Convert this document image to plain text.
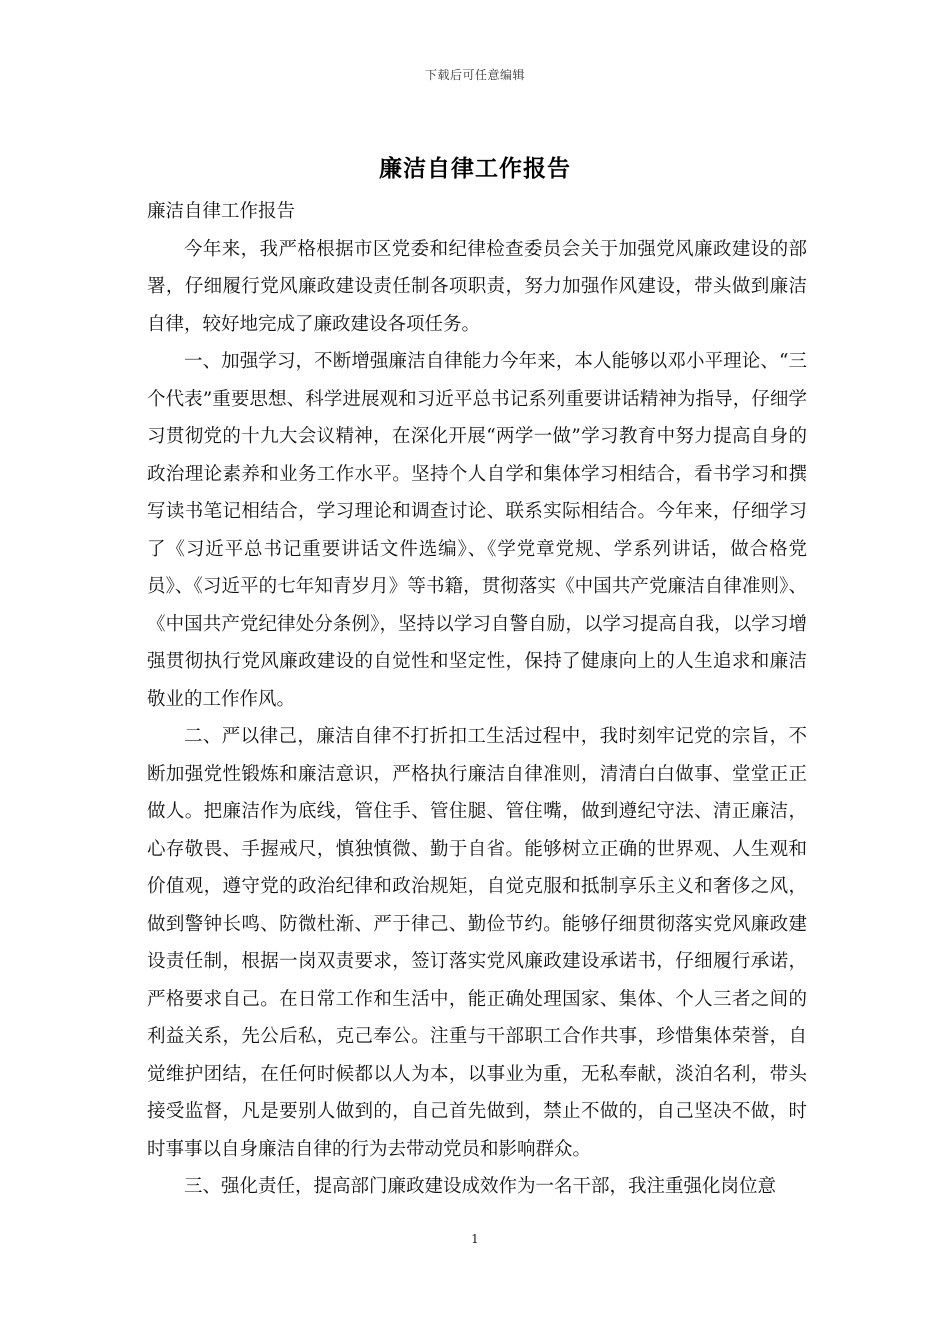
下载后可任意编辑
廉洁自律工作报告

廉洁自律工作报告

今年来，我严格根据市区党委和纪律检查委员会关于加强党风廉政建设的部署，仔细履行党风廉政建设责任制各项职责，努力加强作风建设，带头做到廉洁自律，较好地完成了廉政建设各项任务。

一、加强学习，不断增强廉洁自律能力今年来，本人能够以邓小平理论、“三个代表”重要思想、科学进展观和习近平总书记系列重要讲话精神为指导，仔细学习贯彻党的十九大会议精神，在深化开展“两学一做”学习教育中努力提高自身的政治理论素养和业务工作水平。坚持个人自学和集体学习相结合，看书学习和撰写读书笔记相结合，学习理论和调查讨论、联系实际相结合。今年来，仔细学习了《习近平总书记重要讲话文件选编》、《学党章党规、学系列讲话，做合格党员》、《习近平的七年知青岁月》等书籍，贯彻落实《中国共产党廉洁自律准则》、《中国共产党纪律处分条例》，坚持以学习自警自励，以学习提高自我，以学习增强贯彻执行党风廉政建设的自觉性和坚定性，保持了健康向上的人生追求和廉洁敬业的工作作风。

二、严以律己，廉洁自律不打折扣工生活过程中，我时刻牢记党的宗旨，不断加强党性锻炼和廉洁意识，严格执行廉洁自律准则，清清白白做事、堂堂正正做人。把廉洁作为底线，管住手、管住腿、管住嘴，做到遵纪守法、清正廉洁，心存敬畏、手握戒尺，慎独慎微、勤于自省。能够树立正确的世界观、人生观和价值观，遵守党的政治纪律和政治规矩，自觉克服和抵制享乐主义和奢侈之风，做到警钟长鸣、防微杜渐、严于律己、勤俭节约。能够仔细贯彻落实党风廉政建设责任制，根据一岗双责要求，签订落实党风廉政建设承诺书，仔细履行承诺，严格要求自己。在日常工作和生活中，能正确处理国家、集体、个人三者之间的利益关系，先公后私，克己奉公。注重与干部职工合作共事，珍惜集体荣誉，自觉维护团结，在任何时候都以人为本，以事业为重，无私奉献，淡泊名利，带头接受监督，凡是要别人做到的，自己首先做到，禁止不做的，自己坚决不做，时时事事以自身廉洁自律的行为去带动党员和影响群众。

三、强化责任，提高部门廉政建设成效作为一名干部，我注重强化岗位意

1
